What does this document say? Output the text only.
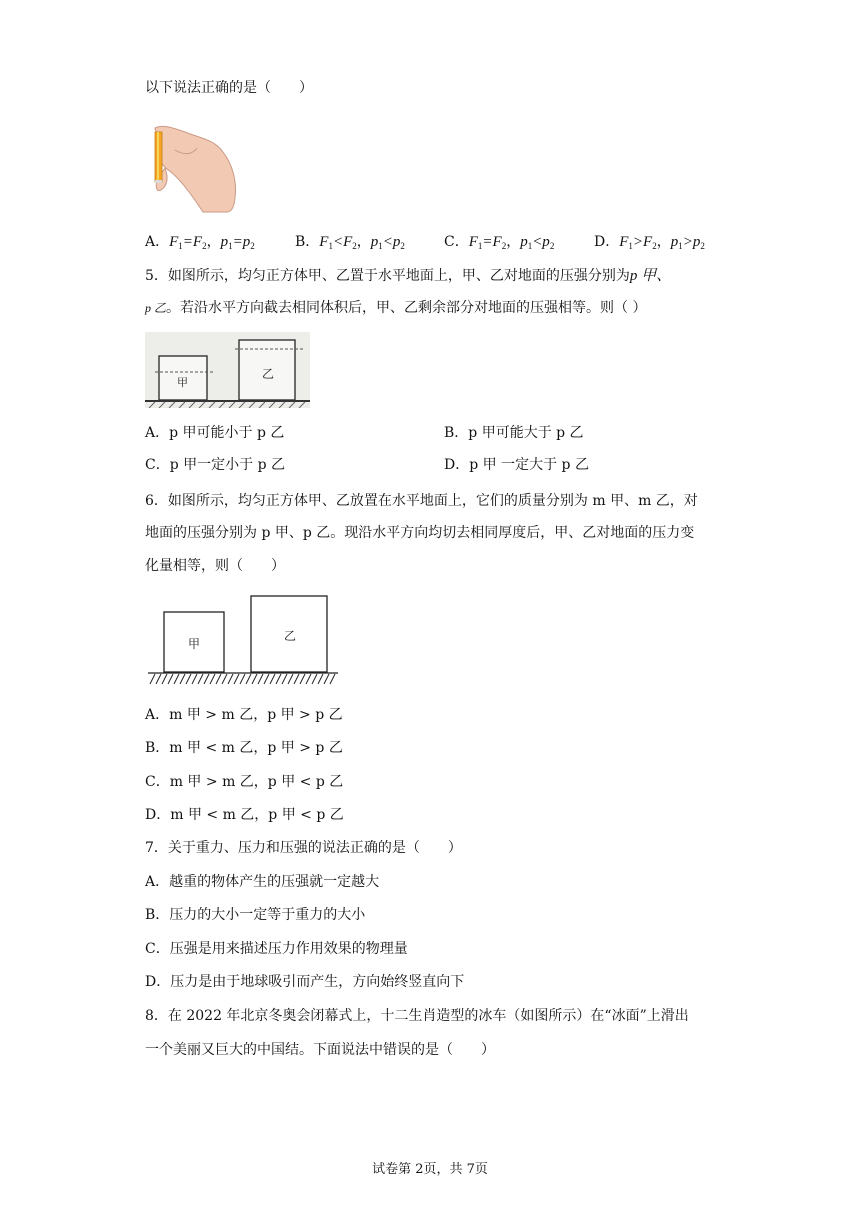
以下说法正确的是（　　）
A．$F_1=F_2$，$p_1=p_2$	B．$F_1<F_2$，$p_1<p_2$	C．$F_1=F_2$，$p_1<p_2$	D．$F_1>F_2$，$p_1>p_2$
5．如图所示，均匀正方体甲、乙置于水平地面上，甲、乙对地面的压强分别为p 甲、
p 乙。若沿水平方向截去相同体积后，甲、乙剩余部分对地面的压强相等。则（ ）
甲
乙
A．p 甲可能小于 p 乙	B．p 甲可能大于 p 乙
C．p 甲一定小于 p 乙	D．p 甲 一定大于 p 乙
6．如图所示，均匀正方体甲、乙放置在水平地面上，它们的质量分别为 m 甲、m 乙，对
地面的压强分别为 p 甲、p 乙。现沿水平方向均切去相同厚度后，甲、乙对地面的压力变
化量相等，则（　　）
甲
乙
A．m 甲 > m 乙，p 甲 > p 乙
B．m 甲 < m 乙，p 甲 > p 乙
C．m 甲 > m 乙，p 甲 < p 乙
D．m 甲 < m 乙，p 甲 < p 乙
7．关于重力、压力和压强的说法正确的是（　　）
A．越重的物体产生的压强就一定越大
B．压力的大小一定等于重力的大小
C．压强是用来描述压力作用效果的物理量
D．压力是由于地球吸引而产生，方向始终竖直向下
8．在 2022 年北京冬奥会闭幕式上，十二生肖造型的冰车（如图所示）在“冰面”上滑出
一个美丽又巨大的中国结。下面说法中错误的是（　　）
试卷第 2页，共 7页
